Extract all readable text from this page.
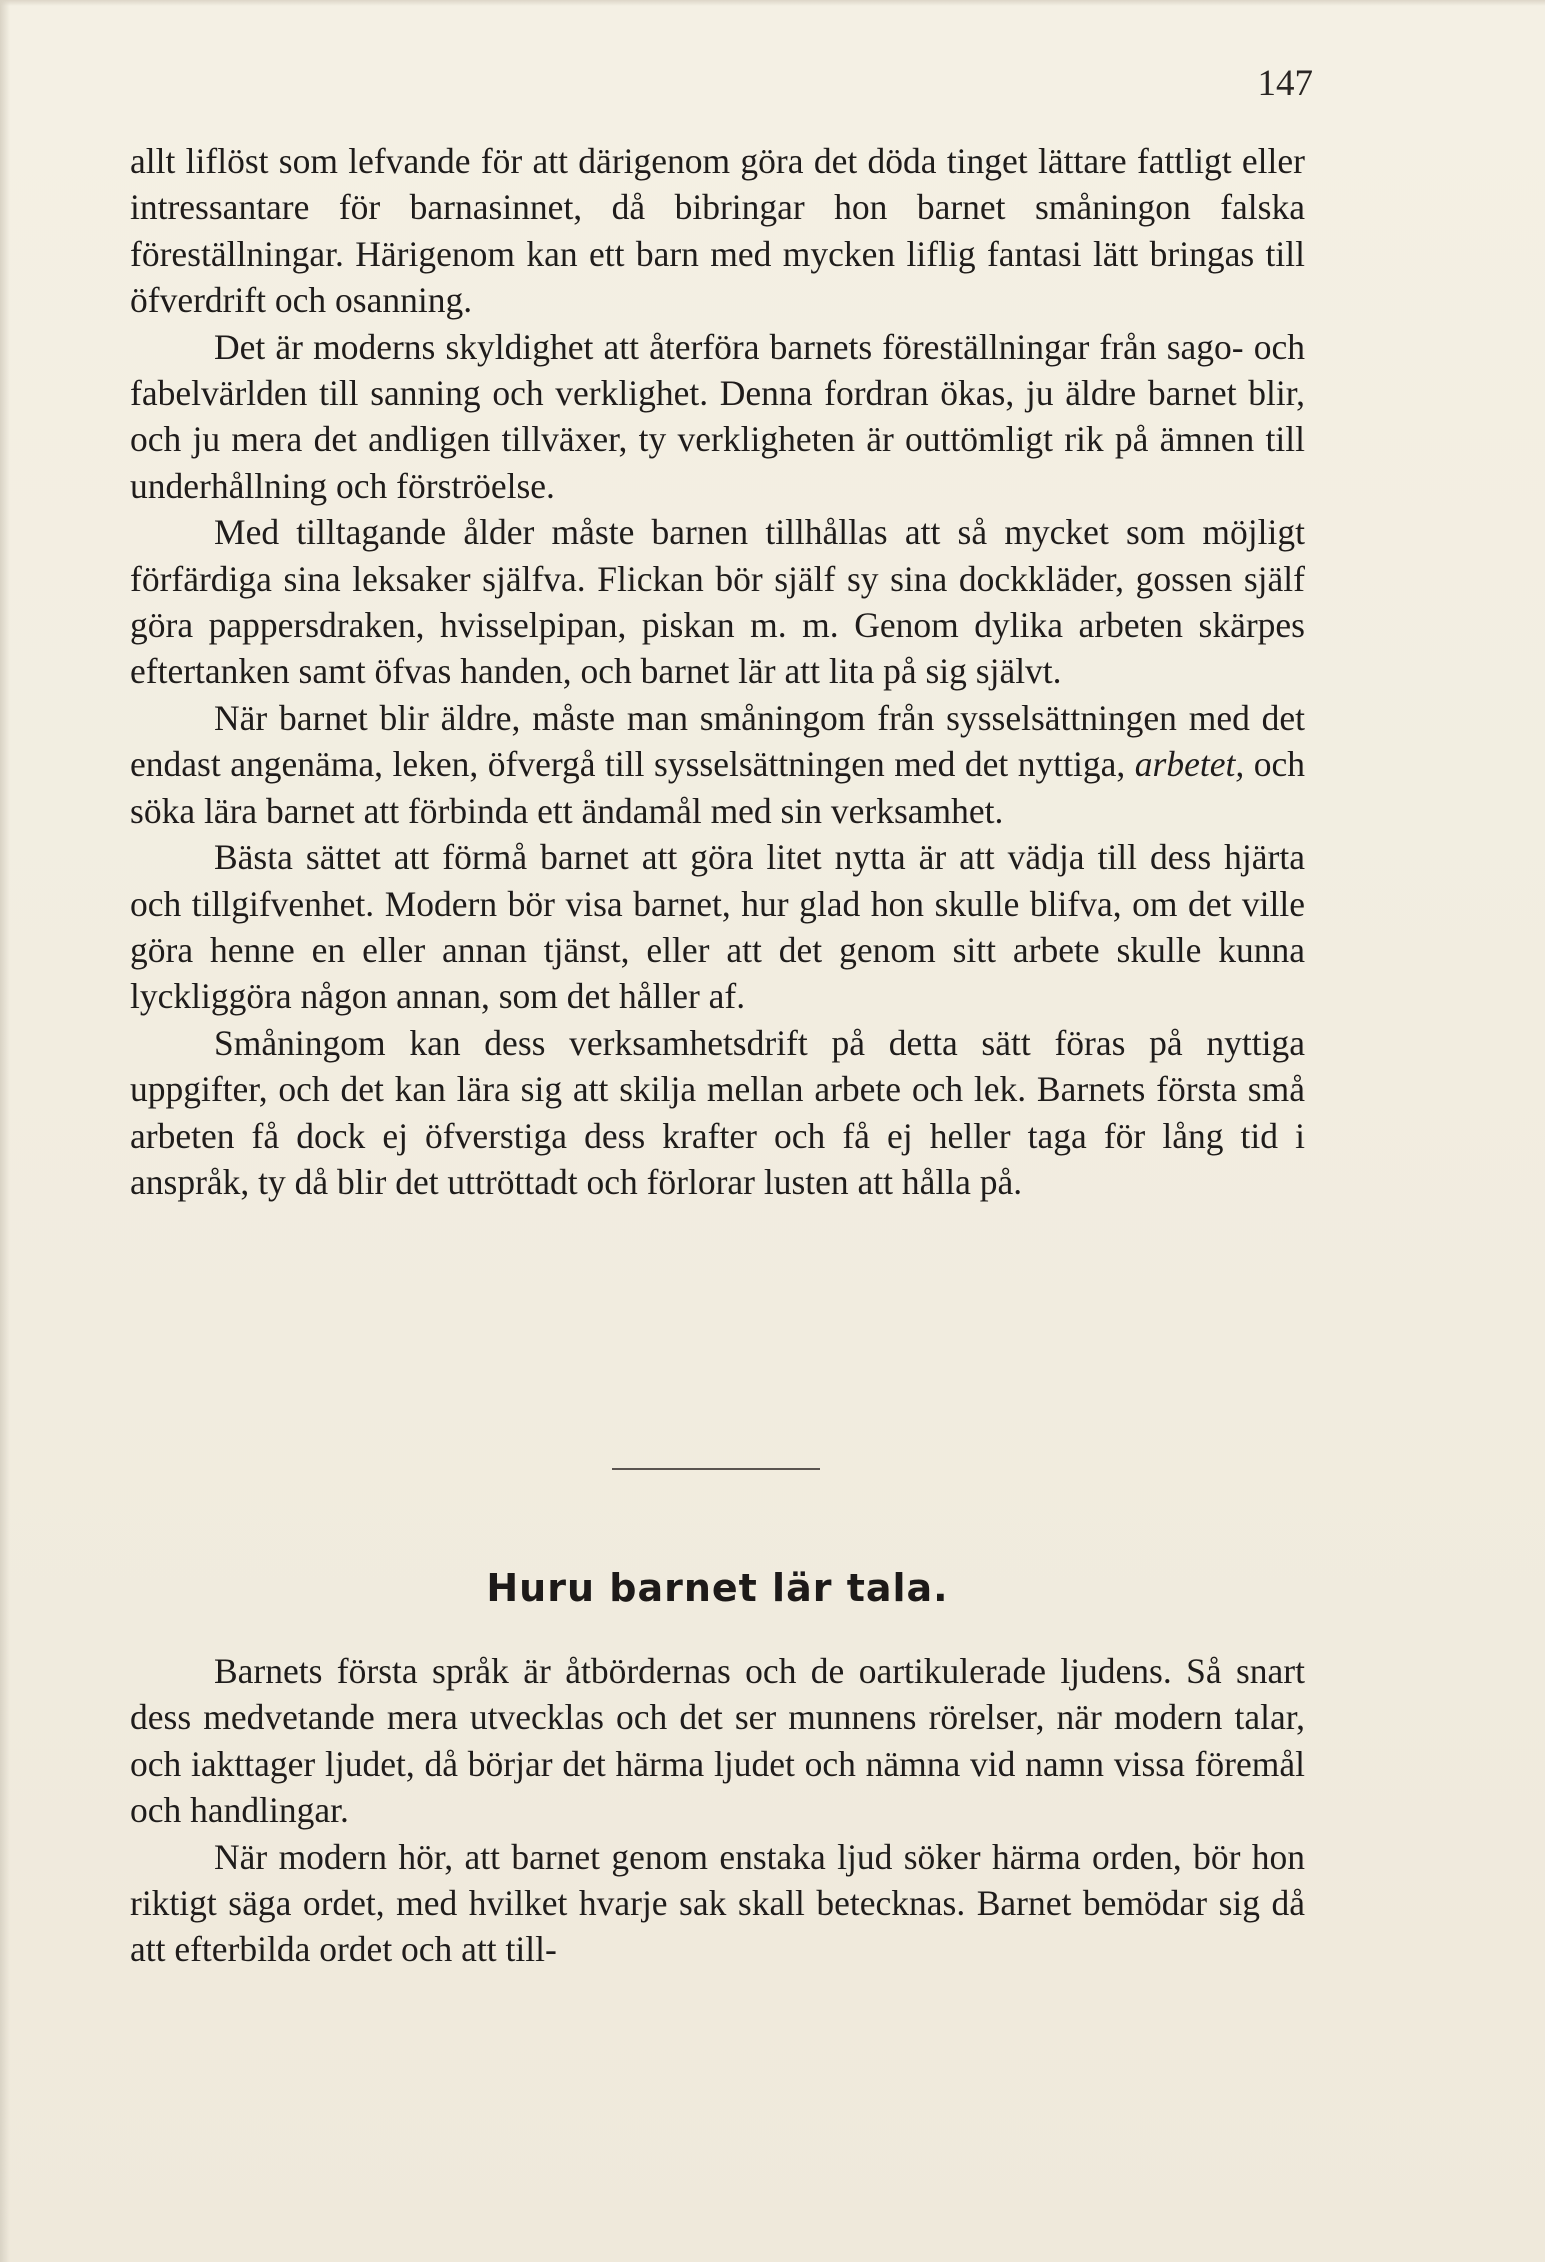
147

allt liflöst som lefvande för att därigenom göra det döda tinget lättare fattligt eller intressantare för barnasinnet, då bibringar hon barnet småningon falska föreställningar. Härigenom kan ett barn med mycken liflig fantasi lätt bringas till öfverdrift och osanning.

Det är moderns skyldighet att återföra barnets föreställningar från sago- och fabelvärlden till sanning och verklighet. Denna fordran ökas, ju äldre barnet blir, och ju mera det andligen tillväxer, ty verkligheten är outtömligt rik på ämnen till underhållning och förströelse.

Med tilltagande ålder måste barnen tillhållas att så mycket som möjligt förfärdiga sina leksaker själfva. Flickan bör själf sy sina dockkläder, gossen själf göra pappersdraken, hvisselpipan, piskan m. m. Genom dylika arbeten skärpes eftertanken samt öfvas handen, och barnet lär att lita på sig självt.

När barnet blir äldre, måste man småningom från sysselsättningen med det endast angenäma, leken, öfvergå till sysselsättningen med det nyttiga, arbetet, och söka lära barnet att förbinda ett ändamål med sin verksamhet.

Bästa sättet att förmå barnet att göra litet nytta är att vädja till dess hjärta och tillgifvenhet. Modern bör visa barnet, hur glad hon skulle blifva, om det ville göra henne en eller annan tjänst, eller att det genom sitt arbete skulle kunna lyckliggöra någon annan, som det håller af.

Småningom kan dess verksamhetsdrift på detta sätt föras på nyttiga uppgifter, och det kan lära sig att skilja mellan arbete och lek. Barnets första små arbeten få dock ej öfverstiga dess krafter och få ej heller taga för lång tid i anspråk, ty då blir det uttröttadt och förlorar lusten att hålla på.

Huru barnet lär tala.

Barnets första språk är åtbördernas och de oartikulerade ljudens. Så snart dess medvetande mera utvecklas och det ser munnens rörelser, när modern talar, och iakttager ljudet, då börjar det härma ljudet och nämna vid namn vissa föremål och handlingar.

När modern hör, att barnet genom enstaka ljud söker härma orden, bör hon riktigt säga ordet, med hvilket hvarje sak skall betecknas. Barnet bemödar sig då att efterbilda ordet och att till-
